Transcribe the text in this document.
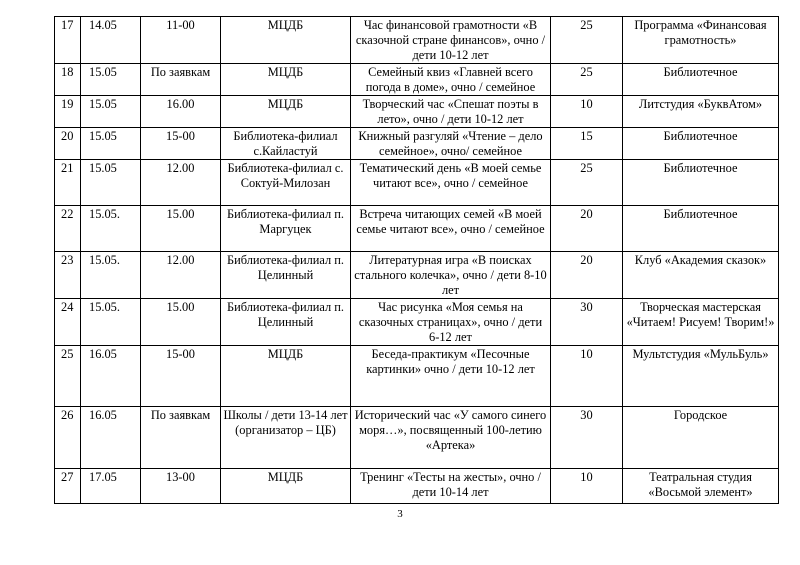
17	14.05	11-00	МЦДБ	Час финансовой грамотности «В сказочной стране финансов», очно / дети 10-12 лет	25	Программа «Финансовая грамотность»
18	15.05	По заявкам	МЦДБ	Семейный квиз «Главней всего погода в доме», очно / семейное	25	Библиотечное
19	15.05	16.00	МЦДБ	Творческий час «Спешат поэты в лето», очно / дети 10-12 лет	10	Литстудия «БуквАтом»
20	15.05	15-00	Библиотека-филиал с.Кайластуй	Книжный разгуляй «Чтение – дело семейное», очно/ семейное	15	Библиотечное
21	15.05	12.00	Библиотека-филиал с. Соктуй-Милозан	Тематический день «В моей семье читают все», очно / семейное	25	Библиотечное
22	15.05.	15.00	Библиотека-филиал п. Маргуцек	Встреча читающих семей «В моей семье читают все», очно / семейное	20	Библиотечное
23	15.05.	12.00	Библиотека-филиал п. Целинный	Литературная игра «В поисках стального колечка», очно / дети 8-10 лет	20	Клуб «Академия сказок»
24	15.05.	15.00	Библиотека-филиал п. Целинный	Час рисунка «Моя семья на сказочных страницах», очно / дети 6-12 лет	30	Творческая мастерская «Читаем! Рисуем! Творим!»
25	16.05	15-00	МЦДБ	Беседа-практикум «Песочные картинки» очно / дети 10-12 лет	10	Мультстудия «МульБуль»
26	16.05	По заявкам	Школы / дети 13-14 лет (организатор – ЦБ)	Исторический час «У самого синего моря…», посвященный 100-летию «Артека»	30	Городское
27	17.05	13-00	МЦДБ	Тренинг «Тесты на жесты», очно / дети 10-14 лет	10	Театральная студия «Восьмой элемент»
3
